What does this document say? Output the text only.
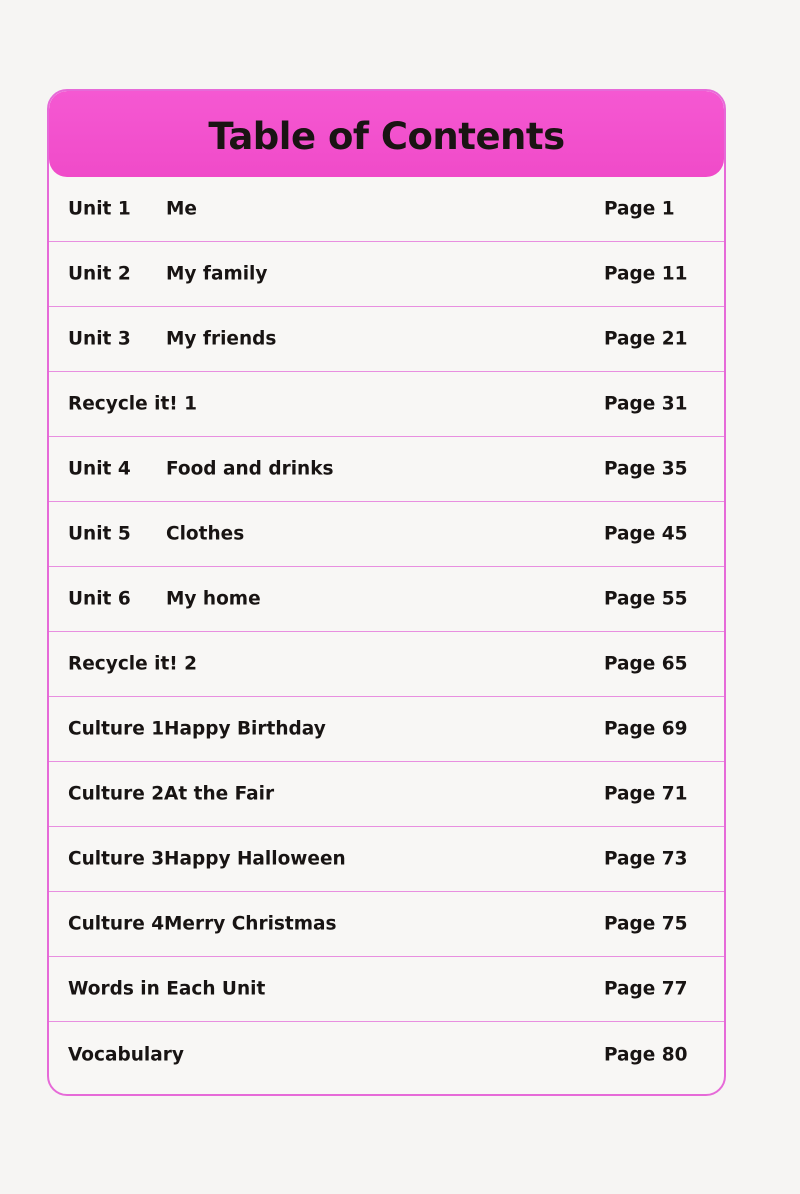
Table of Contents
Unit 1 Me	Page 1
Unit 2 My family	Page 11
Unit 3 My friends	Page 21
Recycle it! 1	Page 31
Unit 4 Food and drinks	Page 35
Unit 5 Clothes	Page 45
Unit 6 My home	Page 55
Recycle it! 2	Page 65
Culture 1 Happy Birthday	Page 69
Culture 2 At the Fair	Page 71
Culture 3 Happy Halloween	Page 73
Culture 4 Merry Christmas	Page 75
Words in Each Unit	Page 77
Vocabulary	Page 80
